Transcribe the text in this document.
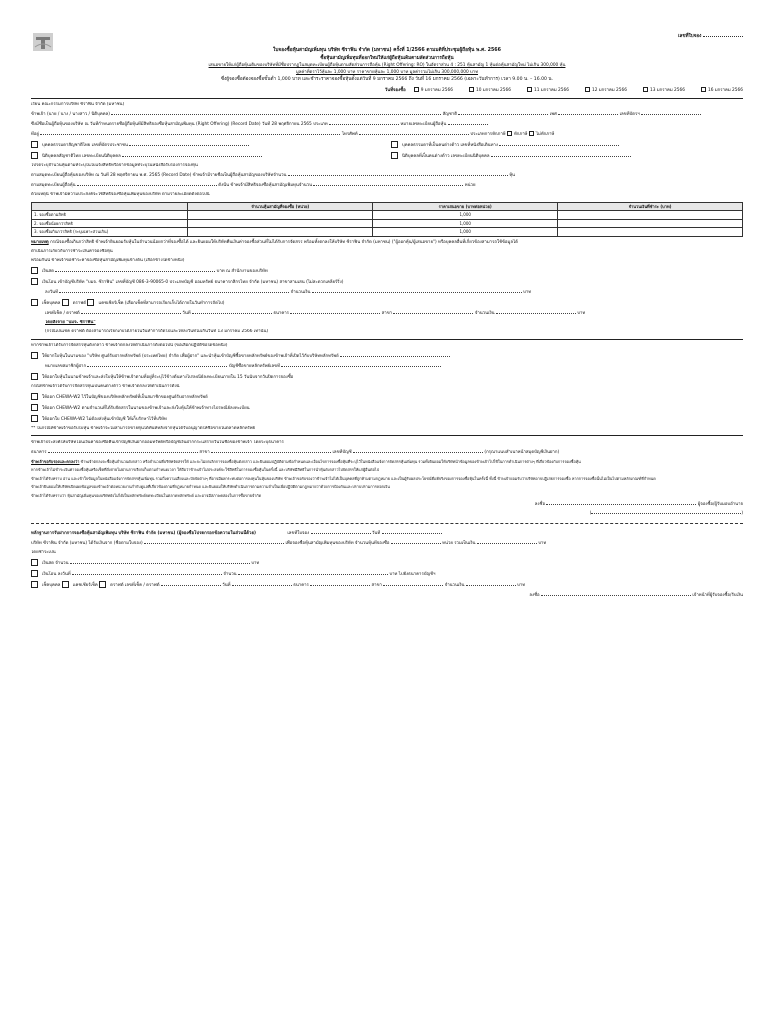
เลขที่ใบจอง
ใบจองซื้อหุ้นสามัญเพิ่มทุน บริษัท ซีราฟิน จำกัด (มหาชน) ครั้งที่ 1/2566 ตามมติที่ประชุมผู้ถือหุ้น พ.ศ. 2566
ซื้อหุ้นสามัญเพิ่มทุนที่ออกใหม่ให้แก่ผู้ถือหุ้นเดิมตามสัดส่วนการถือหุ้น
เสนอขายให้แก่ผู้ถือหุ้นเดิมของบริษัทที่มีชื่อปรากฏในสมุดทะเบียนผู้ถือหุ้นตามสัดส่วนการถือหุ้น (Right Offering: RO) ในอัตราส่วน 4 : 251 หุ้นสามัญ 1 หุ้นต่อหุ้นสามัญใหม่ ไม่เกิน 300,000 หุ้น
มูลค่าที่ตราไว้หุ้นละ 1,000 บาท ราคาขายหุ้นละ 1,000 บาท มูลค่ารวมไม่เกิน 300,000,000 บาท
ซึ่งผู้จองซื้อต้องจองซื้อขั้นต่ำ 1,000 บาท และชำระราคาจองซื้อหุ้นตั้งแต่วันที่ 9 มกราคม 2566 ถึง วันที่ 16 มกราคม 2566 (เฉพาะวันทำการ) เวลา 9.00 น. – 16.00 น.
วันที่จองซื้อ	9 มกราคม 2566	10 มกราคม 2566	11 มกราคม 2566	12 มกราคม 2566	13 มกราคม 2566	16 มกราคม 2566
เรียน คณะกรรมการบริษัท ซีราฟิน จำกัด (มหาชน)
ข้าพเจ้า (นาย / นาง / นางสาว / นิติบุคคล)	สัญชาติ	เพศ	เลขที่บัตรฯ
ซึ่งมีชื่อเป็นผู้ถือหุ้นของบริษัท ณ วันที่กำหนดรายชื่อผู้ถือหุ้นที่มีสิทธิจองซื้อหุ้นสามัญเพิ่มทุน (Right Offering) (Record Date) วันที่ 28 พฤศจิกายน 2565 ประเภท	หมายเลขทะเบียนผู้ถือหุ้น
ที่อยู่	โทรศัพท์	ประเภทการหักภาษี หักภาษี ไม่หักภาษี
บุคคลธรรมดาสัญชาติไทย เลขที่บัตรประชาชน	บุคคลธรรมดาที่เป็นคนต่างด้าว เลขที่หนังสือเดินทาง
นิติบุคคลสัญชาติไทย เลขทะเบียนนิติบุคคล	นิติบุคคลที่เป็นคนต่างด้าว เลขทะเบียนนิติบุคคล
โปรดระบุจำนวนหุ้นตามที่ระบุในใบแจ้งสิทธิหรือจากข้อมูลที่ระบุในหนังสือรับรองการจองหุ้น
ตามสมุดทะเบียนผู้ถือหุ้นของบริษัท ณ วันที่ 28 พฤศจิกายน พ.ศ. 2565 (Record Date) ข้าพเจ้ามีรายชื่อเป็นผู้ถือหุ้นสามัญของบริษัทจำนวน	หุ้น
ตามสมุดทะเบียนผู้ถือหุ้น	ดังนั้น ข้าพเจ้ามีสิทธิจองซื้อหุ้นสามัญเพิ่มทุนจำนวน	หน่วย
ด้วยเหตุนี้ ข้าพเจ้ามีความประสงค์จะใช้สิทธิจองซื้อหุ้นเพิ่มทุนของบริษัท ตามรายละเอียดดังต่อไปนี้
	จำนวนหุ้นสามัญที่จองซื้อ (หน่วย)	ราคาเสนอขาย (บาทต่อหน่วย)	จำนวนเงินที่ชำระ (บาท)
1. จองซื้อตามสิทธิ		1,000	
2. จองซื้อน้อยกว่าสิทธิ		1,000	
3. จองซื้อเกินกว่าสิทธิ (ระบุเฉพาะส่วนเกิน)		1,000	
หมายเหตุ กรณีจองซื้อเกินกว่าสิทธิ ข้าพเจ้ายินยอมรับหุ้นในจำนวนน้อยกว่าที่จองซื้อได้ และยินยอมให้บริษัทคืนเงินค่าจองซื้อส่วนที่ไม่ได้รับการจัดสรร พร้อมทั้งตกลงให้บริษัท ซีราฟิน จำกัด (มหาชน) ("ผู้ออกหุ้น/ผู้เสนอขาย") หรือบุคคลอื่นที่เกี่ยวข้องสามารถใช้ข้อมูลได้
ดำเนินการเกี่ยวกับการชำระเงินค่าจองซื้อหุ้น
พร้อมกันนี้ ข้าพเจ้าขอชำระค่าจองซื้อหุ้นสามัญเพิ่มทุนข้างต้น (เลือกข้างใดข้างหนึ่ง)
เงินสด	บาท ณ สำนักงานของบริษัท
เงินโอน เข้าบัญชีบริษัท "บมจ. ซีราฟิน" เลขที่บัญชี 086-3-90065-0 ประเภทบัญชี ออมทรัพย์ ธนาคารกสิกรไทย จำกัด (มหาชน) สาขาสามเสน (ไม่สะดวกเคลียร์ริ่ง)
ลงวันที่	จำนวนเงิน	บาท
เช็คบุคคล	ดราฟต์	แคชเชียร์เช็ค (เลือกเช็คที่สามารถเรียกเก็บได้ภายในวันทำการถัดไป)
เลขที่เช็ค / ดราฟต์	วันที่	ธนาคาร	สาขา	จำนวนเงิน	บาท
โดยสั่งจ่าย "บมจ. ซีราฟิน"
(กรณีเป็นเช็ค ดราฟต์ ต้องสามารถเรียกเก็บได้ภายในวันทำการถัดไปและให้ลงวันที่ไม่เกินวันที่ 13 มกราคม 2566 เท่านั้น)
หากข้าพเจ้าได้รับการจัดสรรหุ้นดังกล่าว ข้าพเจ้าตกลงให้ดำเนินการดังต่อไปนี้ (ขอเลือกปฏิบัติข้อใดข้อหนึ่ง)
ให้ฝากใบหุ้นในนามของ "บริษัท ศูนย์รับฝากหลักทรัพย์ (ประเทศไทย) จำกัด เพื่อผู้ฝาก" และนำหุ้นเข้าบัญชีซื้อขายหลักทรัพย์ของข้าพเจ้าที่เปิดไว้กับบริษัทหลักทรัพย์
หมายเลขสมาชิกผู้ฝาก	บัญชีซื้อขายหลักทรัพย์เลขที่
ให้ออกใบหุ้นในนามข้าพเจ้าและส่งใบหุ้นให้ข้าพเจ้าตามที่อยู่ที่ระบุไว้ข้างต้นทางไปรษณีย์ลงทะเบียนภายใน 15 วันนับจากวันปิดการจองซื้อ
กรณีที่ข้าพเจ้าได้รับการจัดสรรหุ้นเป็นคนต่างด้าว ข้าพเจ้าตกลงให้ดำเนินการดังนี้
ให้ออก CHEWA-W2 ไว้ในบัญชีของบริษัทหลักทรัพย์ที่เป็นสมาชิกของศูนย์รับฝากหลักทรัพย์
ให้ออก CHEWA-W2 ตามจำนวนที่ได้รับจัดสรรในนามของข้าพเจ้าและส่งใบหุ้นให้ข้าพเจ้าทางไปรษณีย์ลงทะเบียน
ให้ออกใบ CHEWA-W2 ไม่ต้องส่งหุ้นเข้าบัญชี ให้เก็บรักษาไว้ที่บริษัท
** ในกรณีที่ข้าพเจ้าขอรับใบหุ้น ข้าพเจ้าจะไม่สามารถขายหุ้นได้ทันทีหลังจากหุ้นได้รับอนุญาตให้ซื้อขายในตลาดหลักทรัพย์
ข้าพเจ้าประสงค์ให้บริษัทโอนเงินค่าจองซื้อคืนเข้าบัญชีเงินฝากออมทรัพย์หรือบัญชีเงินฝากกระแสรายวันในชื่อของข้าพเจ้า โดยระบุธนาคาร
ธนาคาร	สาขา	เลขที่บัญชี	(กรุณาแนบสำเนาหน้าสมุดบัญชีเงินฝาก)
ข้าพเจ้าขอรับรองและตกลงว่า ข้าพเจ้าตกลงจะซื้อหุ้นจำนวนดังกล่าว หรือจำนวนที่บริษัทจัดสรรให้ และจะไม่ยกเลิกการจองซื้อหุ้นดังกล่าว และยินยอมปฏิบัติตามข้อกำหนดและเงื่อนไขการจองซื้อหุ้นที่ระบุไว้ในหนังสือแจ้งการจัดสรรหุ้นเพิ่มทุน รวมทั้งยินยอมให้บริษัทนำข้อมูลของข้าพเจ้าไปใช้ในการดำเนินการต่างๆ ที่เกี่ยวข้องกับการจองซื้อหุ้น
หากข้าพเจ้าไม่ชำระเงินค่าจองซื้อหุ้นหรือเช็คที่สั่งจ่ายไม่ผ่านการเรียกเก็บตามกำหนดเวลา ให้ถือว่าข้าพเจ้าไม่ประสงค์จะใช้สิทธิในการจองซื้อหุ้นในครั้งนี้ และบริษัทมีสิทธิในการนำหุ้นดังกล่าวไปจัดสรรให้แก่ผู้อื่นต่อไป
ข้าพเจ้าได้รับทราบ อ่าน และเข้าใจข้อมูลในหนังสือแจ้งการจัดสรรหุ้นเพิ่มทุน รวมถึงความเสี่ยงและปัจจัยต่างๆ ที่อาจมีผลกระทบต่อการลงทุนในหุ้นของบริษัท ข้าพเจ้าขอรับรองว่าข้าพเจ้าไม่ได้เป็นบุคคลที่ถูกห้ามตามกฎหมาย และเป็นผู้รับผลประโยชน์ที่แท้จริงของการจองซื้อหุ้นในครั้งนี้ ทั้งนี้ ข้าพเจ้ายอมรับว่าบริษัทอาจปฏิเสธการจองซื้อ หากการจองซื้อนั้นไม่เป็นไปตามหลักเกณฑ์ที่กำหนด
ข้าพเจ้ายินยอมให้บริษัทเปิดเผยข้อมูลของข้าพเจ้าต่อหน่วยงานกำกับดูแลที่เกี่ยวข้องตามที่กฎหมายกำหนด และยินยอมให้บริษัทดำเนินการตามความจำเป็นเพื่อปฏิบัติตามกฎหมายว่าด้วยการป้องกันและปราบปรามการฟอกเงิน
ข้าพเจ้าได้รับทราบว่า หุ้นสามัญเพิ่มทุนของบริษัทยังไม่ได้เป็นหลักทรัพย์จดทะเบียนในตลาดหลักทรัพย์ และอาจมีสภาพคล่องในการซื้อขายจำกัด
ลงชื่อ	ผู้จองซื้อ/ผู้รับมอบอำนาจ
(	)
หลักฐานการรับฝากการจองซื้อหุ้นสามัญเพิ่มทุน บริษัท ซีราฟิน จำกัด (มหาชน) (ผู้จองซื้อโปรดกรอกข้อความในส่วนนี้ด้วย)	เลขที่ใบจอง	วันที่
บริษัท ซีราฟิน จำกัด (มหาชน) ได้รับเงินจาก (ชื่อตามใบจอง)	เพื่อจองซื้อหุ้นสามัญเพิ่มทุนของบริษัท จำนวนหุ้นที่จองซื้อ	หน่วย รวมเป็นเงิน	บาท
โดยชำระเป็น
เงินสด จำนวน	บาท
เงินโอน ลงวันที่	จำนวน	บาท ไปยังธนาคารบัญชีฯ
เช็คบุคคล	แคชเชียร์เช็ค	ดราฟต์ เลขที่เช็ค / ดราฟต์	วันที่	ธนาคาร	สาขา	จำนวนเงิน	บาท
ลงชื่อ	เจ้าหน้าที่ผู้รับจองซื้อ/รับเงิน
